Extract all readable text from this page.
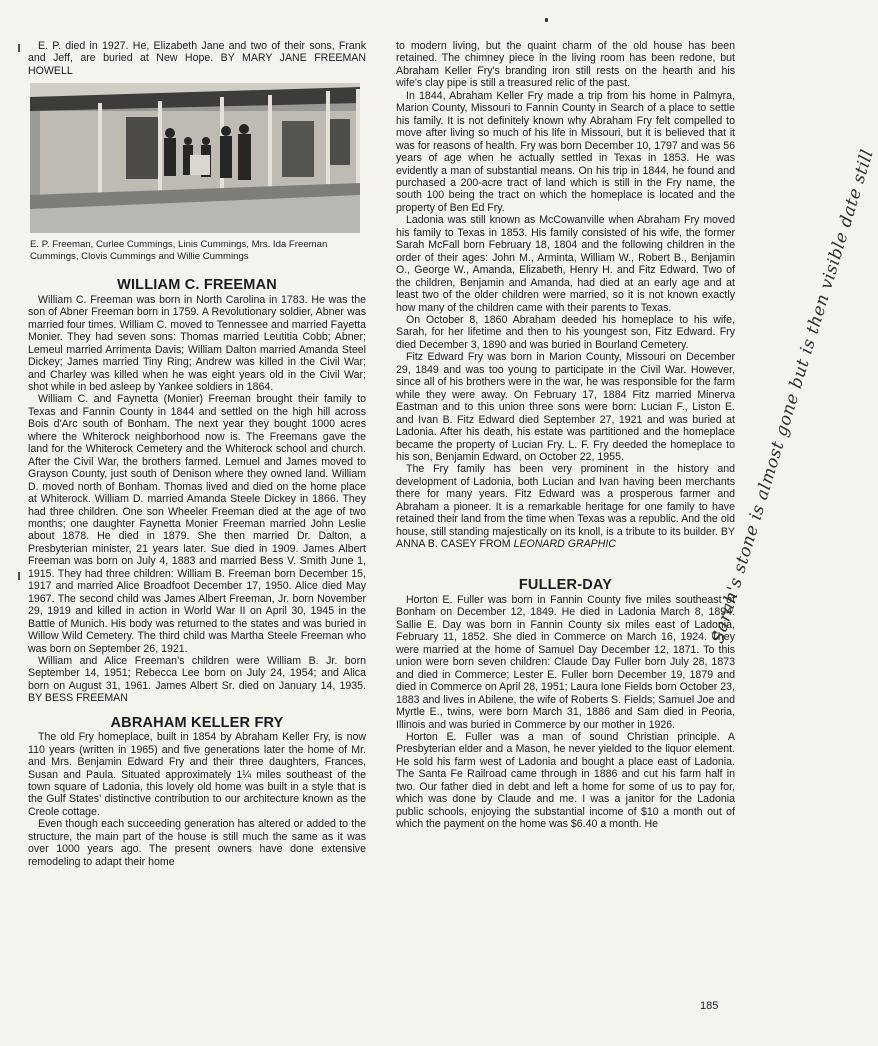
E. P. died in 1927. He, Elizabeth Jane and two of their sons, Frank and Jeff, are buried at New Hope. BY MARY JANE FREEMAN HOWELL

E. P. Freeman, Curlee Cummings, Linis Cummings, Mrs. Ida Freeman Cummings, Clovis Cummings and Willie Cummings

WILLIAM C. FREEMAN

William C. Freeman was born in North Carolina in 1783. He was the son of Abner Freeman born in 1759. A Revolutionary soldier, Abner was married four times. William C. moved to Tennessee and married Fayetta Monier. They had seven sons: Thomas married Leutitia Cobb; Abner; Lemeul married Arrimenta Davis; William Dalton married Amanda Steel Dickey; James married Tiny Ring; Andrew was killed in the Civil War; and Charley was killed when he was eight years old in the Civil War; shot while in bed asleep by Yankee soldiers in 1864.

William C. and Faynetta (Monier) Freeman brought their family to Texas and Fannin County in 1844 and settled on the high hill across Bois d'Arc south of Bonham. The next year they bought 1000 acres where the Whiterock neighborhood now is. The Freemans gave the land for the Whiterock Cemetery and the Whiterock school and church. After the Civil War, the brothers farmed. Lemuel and James moved to Grayson County, just south of Denison where they owned land. William D. moved north of Bonham. Thomas lived and died on the home place at Whiterock. William D. married Amanda Steele Dickey in 1866. They had three children. One son Wheeler Freeman died at the age of two months; one daughter Faynetta Monier Freeman married John Leslie about 1878. He died in 1879. She then married Dr. Dalton, a Presbyterian minister, 21 years later. Sue died in 1909. James Albert Freeman was born on July 4, 1883 and married Bess V. Smith June 1, 1915. They had three children: William B. Freeman born December 15, 1917 and married Alice Broadfoot December 17, 1950. Alice died May 1967. The second child was James Albert Freeman, Jr. born November 29, 1919 and killed in action in World War II on April 30, 1945 in the Battle of Munich. His body was returned to the states and was buried in Willow Wild Cemetery. The third child was Martha Steele Freeman who was born on September 26, 1921.

William and Alice Freeman's children were William B. Jr. born September 14, 1951; Rebecca Lee born on July 24, 1954; and Alica born on August 31, 1961. James Albert Sr. died on January 14, 1935. BY BESS FREEMAN

ABRAHAM KELLER FRY

The old Fry homeplace, built in 1854 by Abraham Keller Fry, is now 110 years (written in 1965) and five generations later the home of Mr. and Mrs. Benjamin Edward Fry and their three daughters, Frances, Susan and Paula. Situated approximately 1¼ miles southeast of the town square of Ladonia, this lovely old home was built in a style that is the Gulf States' distinctive contribution to our architecture known as the Creole cottage.

Even though each succeeding generation has altered or added to the structure, the main part of the house is still much the same as it was over 1000 years ago. The present owners have done extensive remodeling to adapt their home

to modern living, but the quaint charm of the old house has been retained. The chimney piece in the living room has been redone, but Abraham Keller Fry's branding iron still rests on the hearth and his wife's clay pipe is still a treasured relic of the past.

In 1844, Abraham Keller Fry made a trip from his home in Palmyra, Marion County, Missouri to Fannin County in Search of a place to settle his family. It is not definitely known why Abraham Fry felt compelled to move after living so much of his life in Missouri, but it is believed that it was for reasons of health. Fry was born December 10, 1797 and was 56 years of age when he actually settled in Texas in 1853. He was evidently a man of substantial means. On his trip in 1844, he found and purchased a 200-acre tract of land which is still in the Fry name, the south 100 being the tract on which the homeplace is located and the property of Ben Ed Fry.

Ladonia was still known as McCowanville when Abraham Fry moved his family to Texas in 1853. His family consisted of his wife, the former Sarah McFall born February 18, 1804 and the following children in the order of their ages: John M., Arminta, William W., Robert B., Benjamin O., George W., Amanda, Elizabeth, Henry H. and Fitz Edward. Two of the children, Benjamin and Amanda, had died at an early age and at least two of the older children were married, so it is not known exactly how many of the children came with their parents to Texas.

On October 8, 1860 Abraham deeded his homeplace to his wife, Sarah, for her lifetime and then to his youngest son, Fitz Edward. Fry died December 3, 1890 and was buried in Bourland Cemetery.

Fitz Edward Fry was born in Marion County, Missouri on December 29, 1849 and was too young to participate in the Civil War. However, since all of his brothers were in the war, he was responsible for the farm while they were away. On February 17, 1884 Fitz married Minerva Eastman and to this union three sons were born: Lucian F., Liston E. and Ivan B. Fitz Edward died September 27, 1921 and was buried at Ladonia. After his death, his estate was partitioned and the homeplace became the property of Lucian Fry. L. F. Fry deeded the homeplace to his son, Benjamin Edward, on October 22, 1955.

The Fry family has been very prominent in the history and development of Ladonia, both Lucian and Ivan having been merchants there for many years. Fitz Edward was a prosperous farmer and Abraham a pioneer. It is a remarkable heritage for one family to have retained their land from the time when Texas was a republic. And the old house, still standing majestically on its knoll, is a tribute to its builder. BY ANNA B. CASEY FROM LEONARD GRAPHIC

FULLER-DAY

Horton E. Fuller was born in Fannin County five miles southeast of Bonham on December 12, 1849. He died in Ladonia March 8, 1894. Sallie E. Day was born in Fannin County six miles east of Ladonia, February 11, 1852. She died in Commerce on March 16, 1924. They were married at the home of Samuel Day December 12, 1871. To this union were born seven children: Claude Day Fuller born July 28, 1873 and died in Commerce; Lester E. Fuller born December 19, 1879 and died in Commerce on April 28, 1951; Laura Ione Fields born October 23, 1883 and lives in Abilene, the wife of Roberts S. Fields; Samuel Joe and Myrtle E., twins, were born March 31, 1886 and Sam died in Peoria, Illinois and was buried in Commerce by our mother in 1926.

Horton E. Fuller was a man of sound Christian principle. A Presbyterian elder and a Mason, he never yielded to the liquor element. He sold his farm west of Ladonia and bought a place east of Ladonia. The Santa Fe Railroad came through in 1886 and cut his farm half in two. Our father died in debt and left a home for some of us to pay for, which was done by Claude and me. I was a janitor for the Ladonia public schools, enjoying the substantial income of $10 a month out of which the payment on the home was $6.40 a month. He

Sarah's stone is almost gone but is then visible date still
185
